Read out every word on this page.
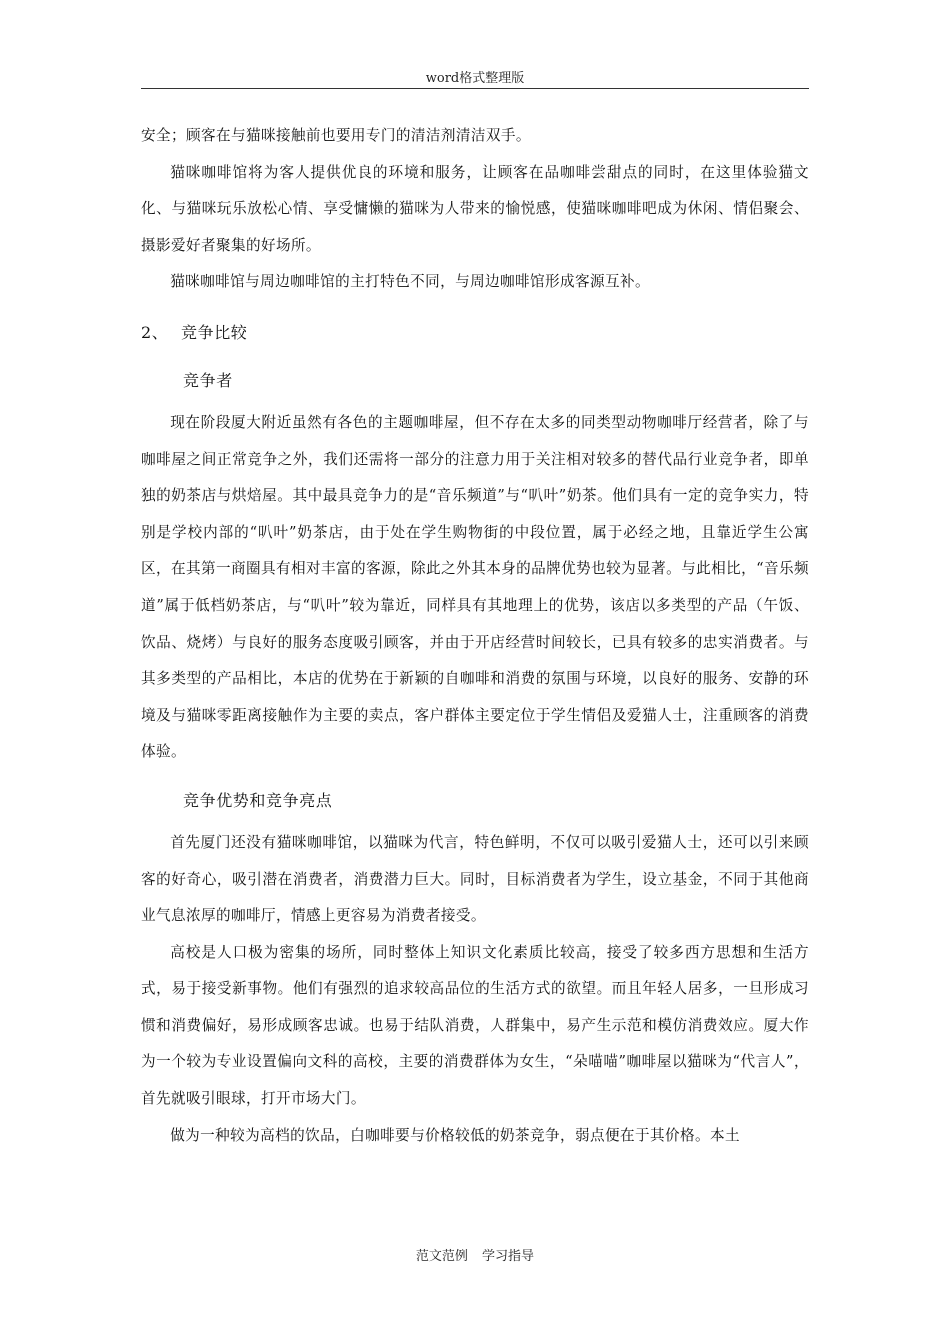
word格式整理版

安全；顾客在与猫咪接触前也要用专门的清洁剂清洁双手。

猫咪咖啡馆将为客人提供优良的环境和服务，让顾客在品咖啡尝甜点的同时，在这里体验猫文化、与猫咪玩乐放松心情、享受慵懒的猫咪为人带来的愉悦感，使猫咪咖啡吧成为休闲、情侣聚会、摄影爱好者聚集的好场所。

猫咪咖啡馆与周边咖啡馆的主打特色不同，与周边咖啡馆形成客源互补。

2、 竞争比较
竞争者

现在阶段厦大附近虽然有各色的主题咖啡屋，但不存在太多的同类型动物咖啡厅经营者，除了与咖啡屋之间正常竞争之外，我们还需将一部分的注意力用于关注相对较多的替代品行业竞争者，即单独的奶茶店与烘焙屋。其中最具竞争力的是“音乐频道”与“叭叶”奶茶。他们具有一定的竞争实力，特别是学校内部的“叭叶”奶茶店，由于处在学生购物街的中段位置，属于必经之地，且靠近学生公寓区，在其第一商圈具有相对丰富的客源，除此之外其本身的品牌优势也较为显著。与此相比，“音乐频道”属于低档奶茶店，与“叭叶”较为靠近，同样具有其地理上的优势，该店以多类型的产品（午饭、饮品、烧烤）与良好的服务态度吸引顾客，并由于开店经营时间较长，已具有较多的忠实消费者。与其多类型的产品相比，本店的优势在于新颖的自咖啡和消费的氛围与环境，以良好的服务、安静的环境及与猫咪零距离接触作为主要的卖点，客户群体主要定位于学生情侣及爱猫人士，注重顾客的消费体验。

竞争优势和竞争亮点

首先厦门还没有猫咪咖啡馆，以猫咪为代言，特色鲜明，不仅可以吸引爱猫人士，还可以引来顾客的好奇心，吸引潜在消费者，消费潜力巨大。同时，目标消费者为学生，设立基金，不同于其他商业气息浓厚的咖啡厅，情感上更容易为消费者接受。

高校是人口极为密集的场所，同时整体上知识文化素质比较高，接受了较多西方思想和生活方式，易于接受新事物。他们有强烈的追求较高品位的生活方式的欲望。而且年轻人居多，一旦形成习惯和消费偏好，易形成顾客忠诚。也易于结队消费，人群集中，易产生示范和模仿消费效应。厦大作为一个较为专业设置偏向文科的高校，主要的消费群体为女生，“朵喵喵”咖啡屋以猫咪为“代言人”，首先就吸引眼球，打开市场大门。

做为一种较为高档的饮品，白咖啡要与价格较低的奶茶竞争，弱点便在于其价格。本土

范文范例 学习指导
